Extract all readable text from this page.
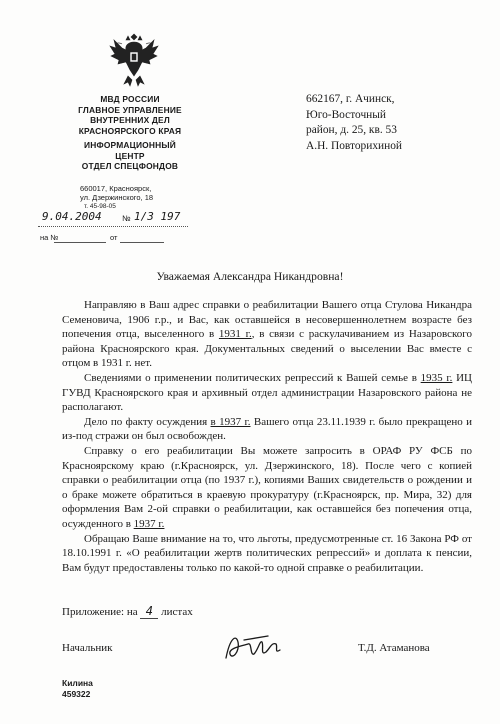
МВД РОССИИ
ГЛАВНОЕ УПРАВЛЕНИЕ
ВНУТРЕННИХ ДЕЛ
КРАСНОЯРСКОГО КРАЯ
ИНФОРМАЦИОННЫЙ
ЦЕНТР
ОТДЕЛ СПЕЦФОНДОВ
660017, Красноярск,
ул. Дзержинского, 18
т. 45-98-05
9.04.2004	№ 1/3 197
на №	от
662167, г. Ачинск,
Юго-Восточный
район, д. 25, кв. 53
А.Н. Повторихиной
Уважаемая Александра Никандровна!

Направляю в Ваш адрес справки о реабилитации Вашего отца Стулова Никандра Семеновича, 1906 г.р., и Вас, как оставшейся в несовершеннолетнем возрасте без попечения отца, выселенного в 1931 г., в связи с раскулачиванием из Назаровского района Красноярского края. Документальных сведений о выселении Вас вместе с отцом в 1931 г. нет.

Сведениями о применении политических репрессий к Вашей семье в 1935 г. ИЦ ГУВД Красноярского края и архивный отдел администрации Назаровского района не располагают.

Дело по факту осуждения в 1937 г. Вашего отца 23.11.1939 г. было прекращено и из-под стражи он был освобожден.

Справку о его реабилитации Вы можете запросить в ОРАФ РУ ФСБ по Красноярскому краю (г.Красноярск, ул. Дзержинского, 18). После чего с копией справки о реабилитации отца (по 1937 г.), копиями Ваших свидетельств о рождении и о браке можете обратиться в краевую прокуратуру (г.Красноярск, пр. Мира, 32) для оформления Вам 2-ой справки о реабилитации, как оставшейся без попечения отца, осужденного в 1937 г.

Обращаю Ваше внимание на то, что льготы, предусмотренные ст. 16 Закона РФ от 18.10.1991 г. «О реабилитации жертв политических репрессий» и доплата к пенсии, Вам будут предоставлены только по какой-то одной справке о реабилитации.

Приложение: на 4 листах
Начальник	Т.Д. Атаманова
Килина
459322
